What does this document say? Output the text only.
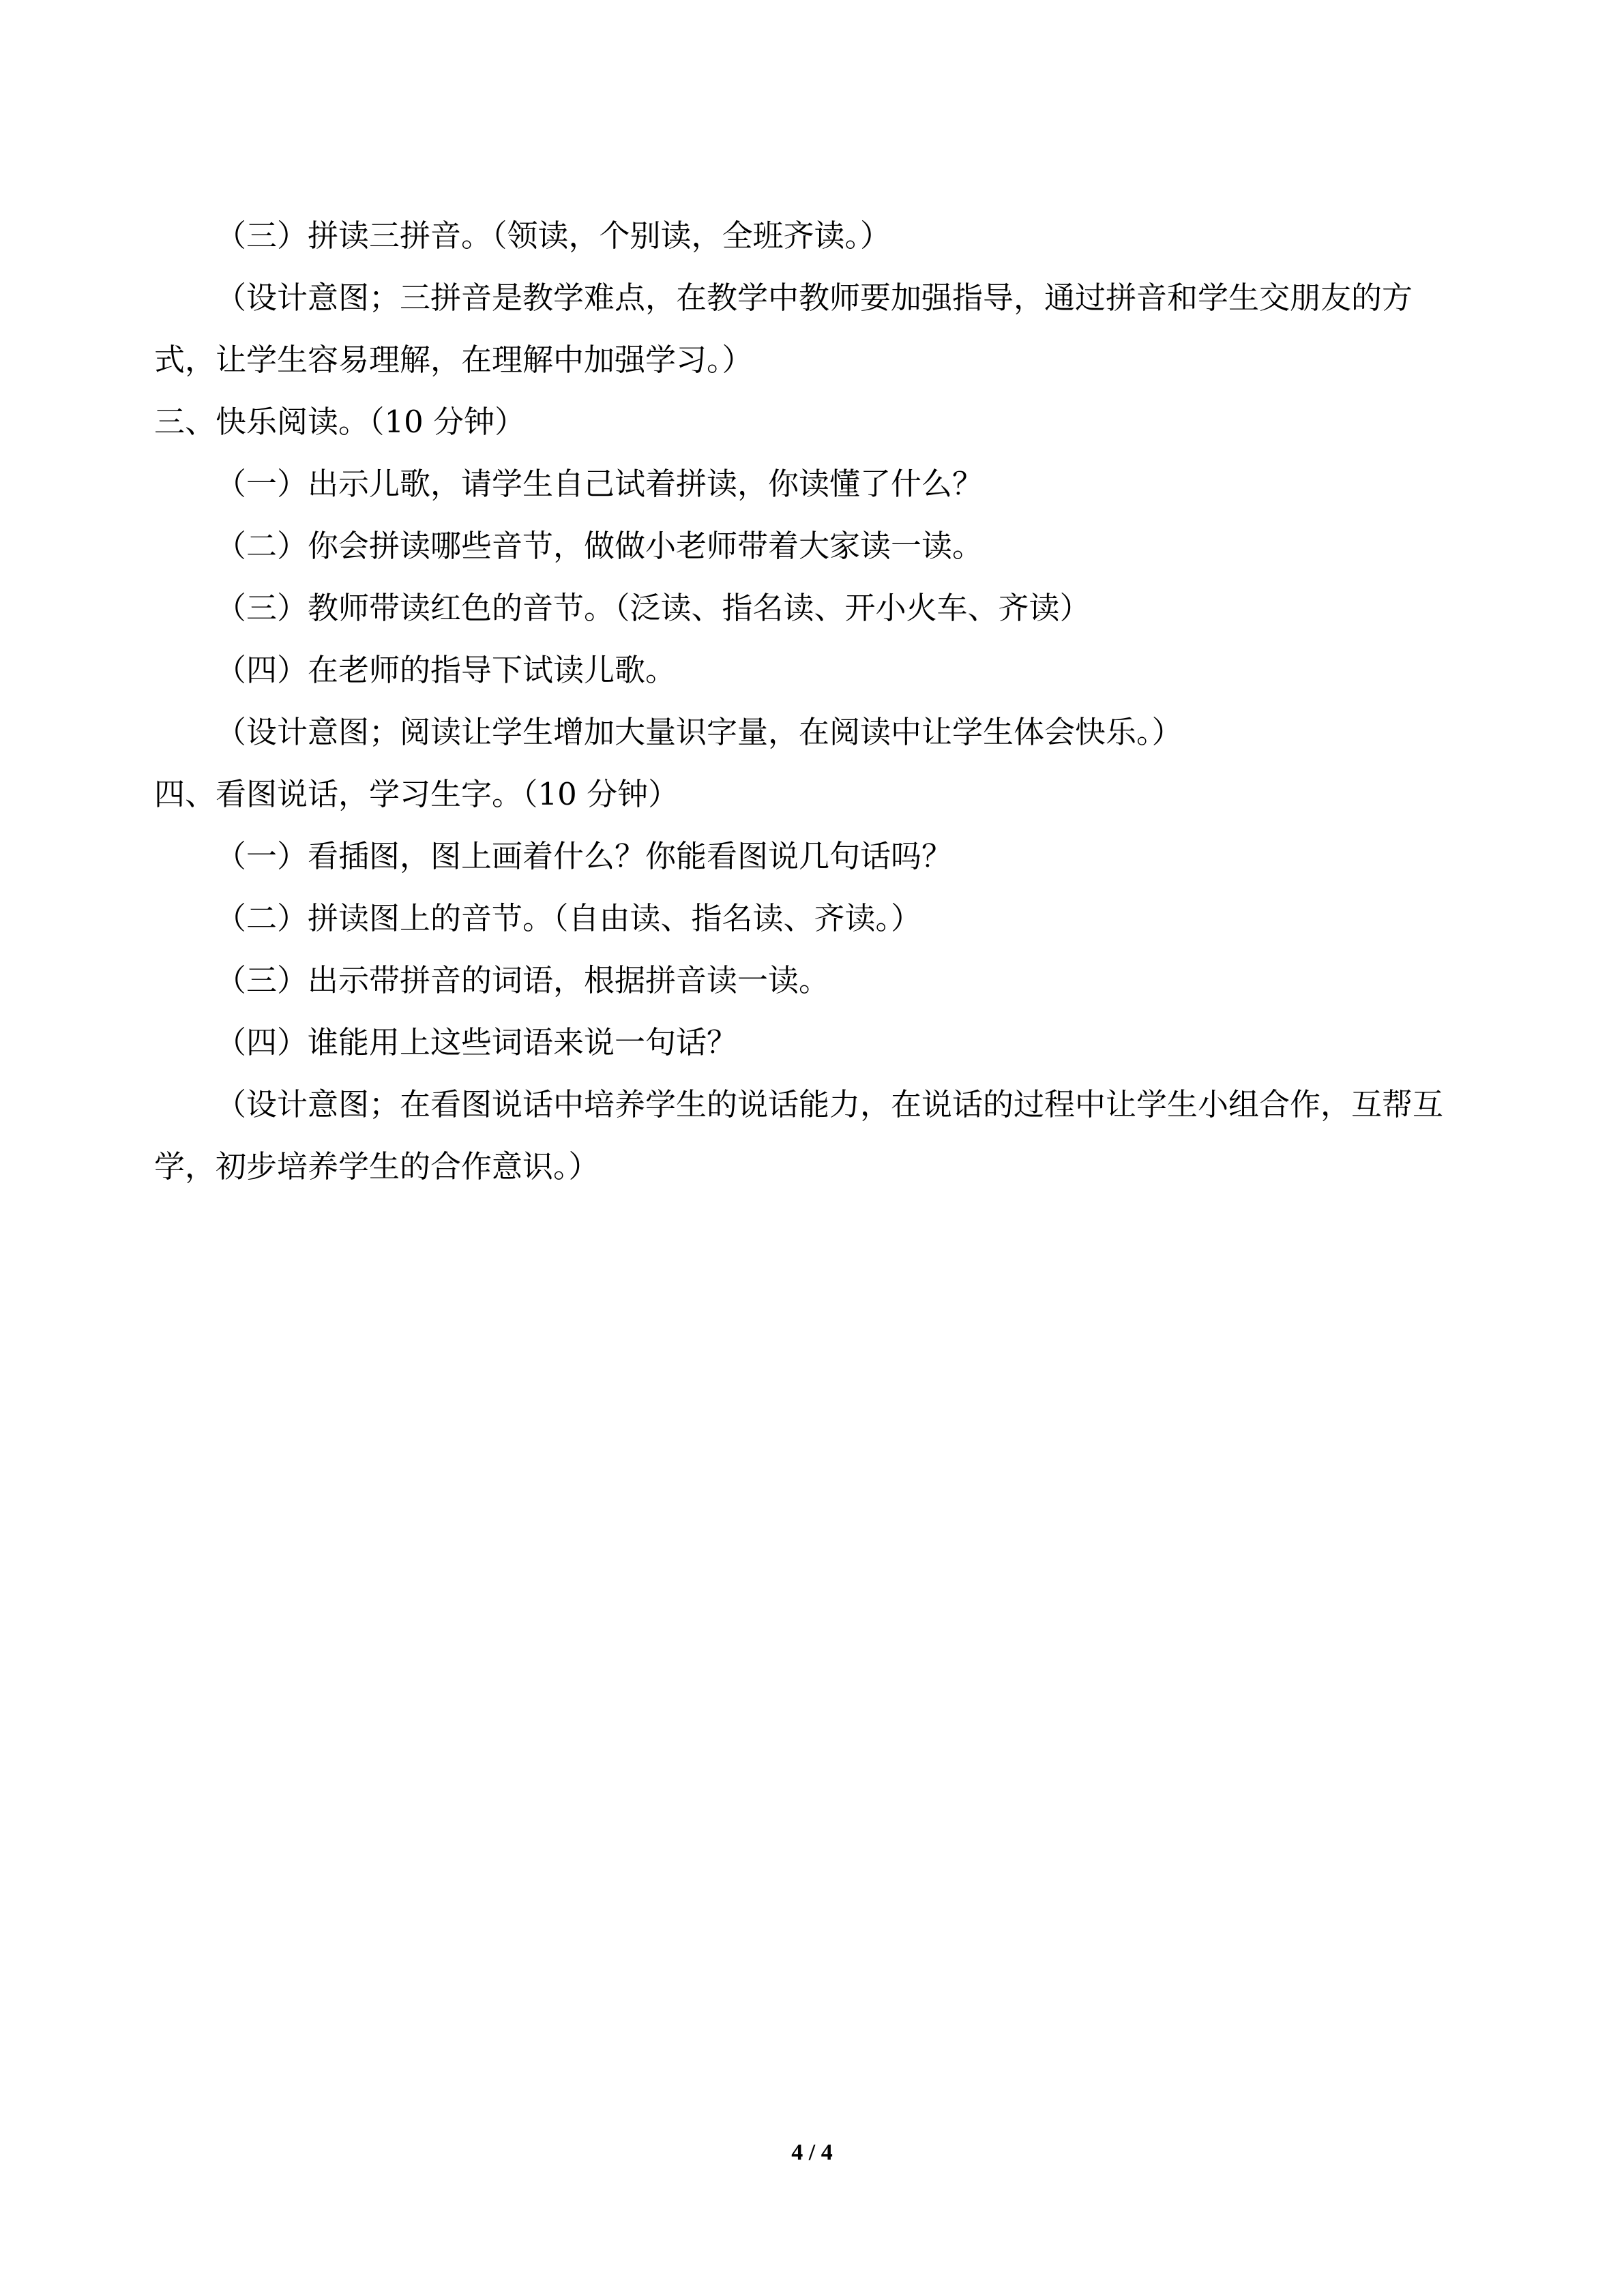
（三）拼读三拼音。（领读，个别读，全班齐读。）

（设计意图；三拼音是教学难点，在教学中教师要加强指导，通过拼音和学生交朋友的方式，让学生容易理解，在理解中加强学习。）

三、快乐阅读。（10 分钟）

（一）出示儿歌，请学生自己试着拼读，你读懂了什么？

（二）你会拼读哪些音节，做做小老师带着大家读一读。

（三）教师带读红色的音节。（泛读、指名读、开小火车、齐读）

（四）在老师的指导下试读儿歌。

（设计意图；阅读让学生增加大量识字量，在阅读中让学生体会快乐。）

四、看图说话，学习生字。（10 分钟）

（一）看插图，图上画着什么？你能看图说几句话吗？

（二）拼读图上的音节。（自由读、指名读、齐读。）

（三）出示带拼音的词语，根据拼音读一读。

（四）谁能用上这些词语来说一句话？

（设计意图；在看图说话中培养学生的说话能力，在说话的过程中让学生小组合作，互帮互学，初步培养学生的合作意识。）

4 / 4
